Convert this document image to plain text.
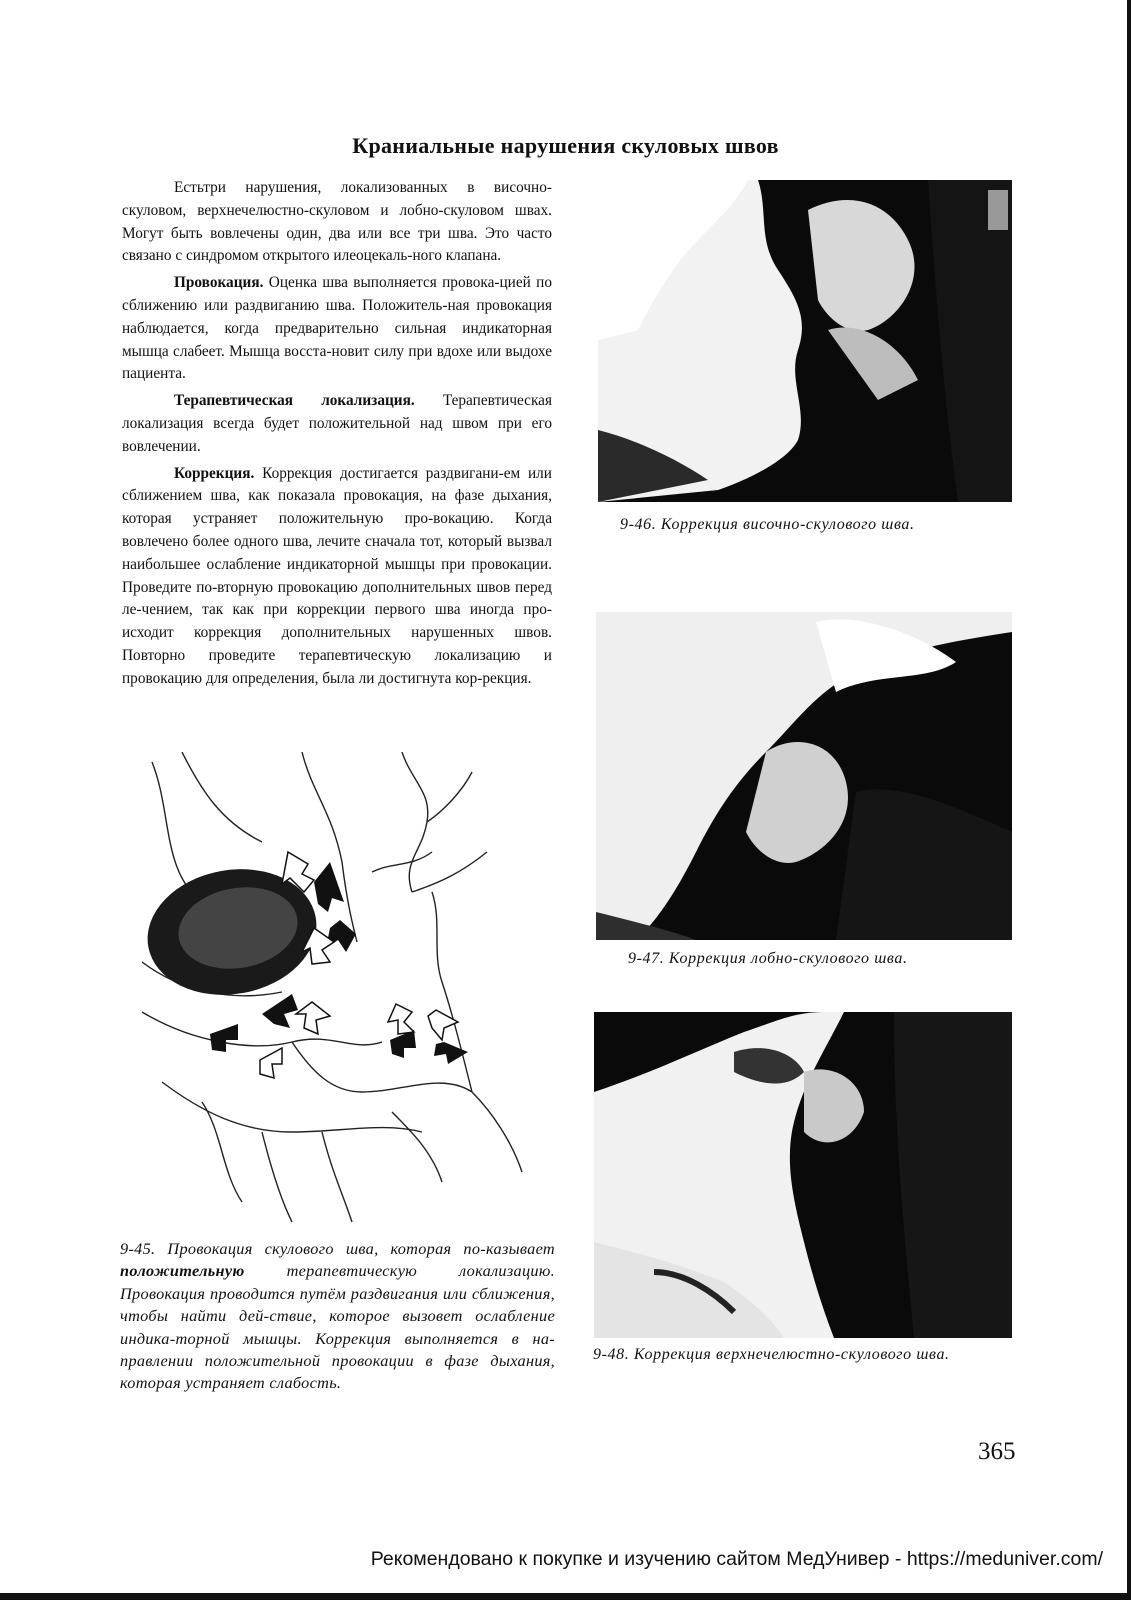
Краниальные нарушения скуловых швов

Естьтри нарушения, локализованных в височно-скуловом, верхнечелюстно-скуловом и лобно-скуловом швах. Могут быть вовлечены один, два или все три шва. Это часто связано с синдромом открытого илеоцекаль-ного клапана.

Провокация. Оценка шва выполняется провока-цией по сближению или раздвиганию шва. Положитель-ная провокация наблюдается, когда предварительно сильная индикаторная мышца слабеет. Мышца восста-новит силу при вдохе или выдохе пациента.

Терапевтическая локализация. Терапевтическая локализация всегда будет положительной над швом при его вовлечении.

Коррекция. Коррекция достигается раздвигани-ем или сближением шва, как показала провокация, на фазе дыхания, которая устраняет положительную про-вокацию. Когда вовлечено более одного шва, лечите сначала тот, который вызвал наибольшее ослабление индикаторной мышцы при провокации. Проведите по-вторную провокацию дополнительных швов перед ле-чением, так как при коррекции первого шва иногда про-исходит коррекция дополнительных нарушенных швов. Повторно проведите терапевтическую локализацию и провокацию для определения, была ли достигнута кор-рекция.

9-45. Провокация скулового шва, которая по-казывает положительную терапевтическую локализацию. Провокация проводится путём раздвигания или сближения, чтобы найти дей-ствие, которое вызовет ослабление индика-торной мышцы. Коррекция выполняется в на-правлении положительной провокации в фазе дыхания, которая устраняет слабость.
9-46. Коррекция височно-скулового шва.
9-47. Коррекция лобно-скулового шва.
9-48. Коррекция верхнечелюстно-скулового шва.
365
Рекомендовано к покупке и изучению сайтом МедУнивер - https://meduniver.com/
